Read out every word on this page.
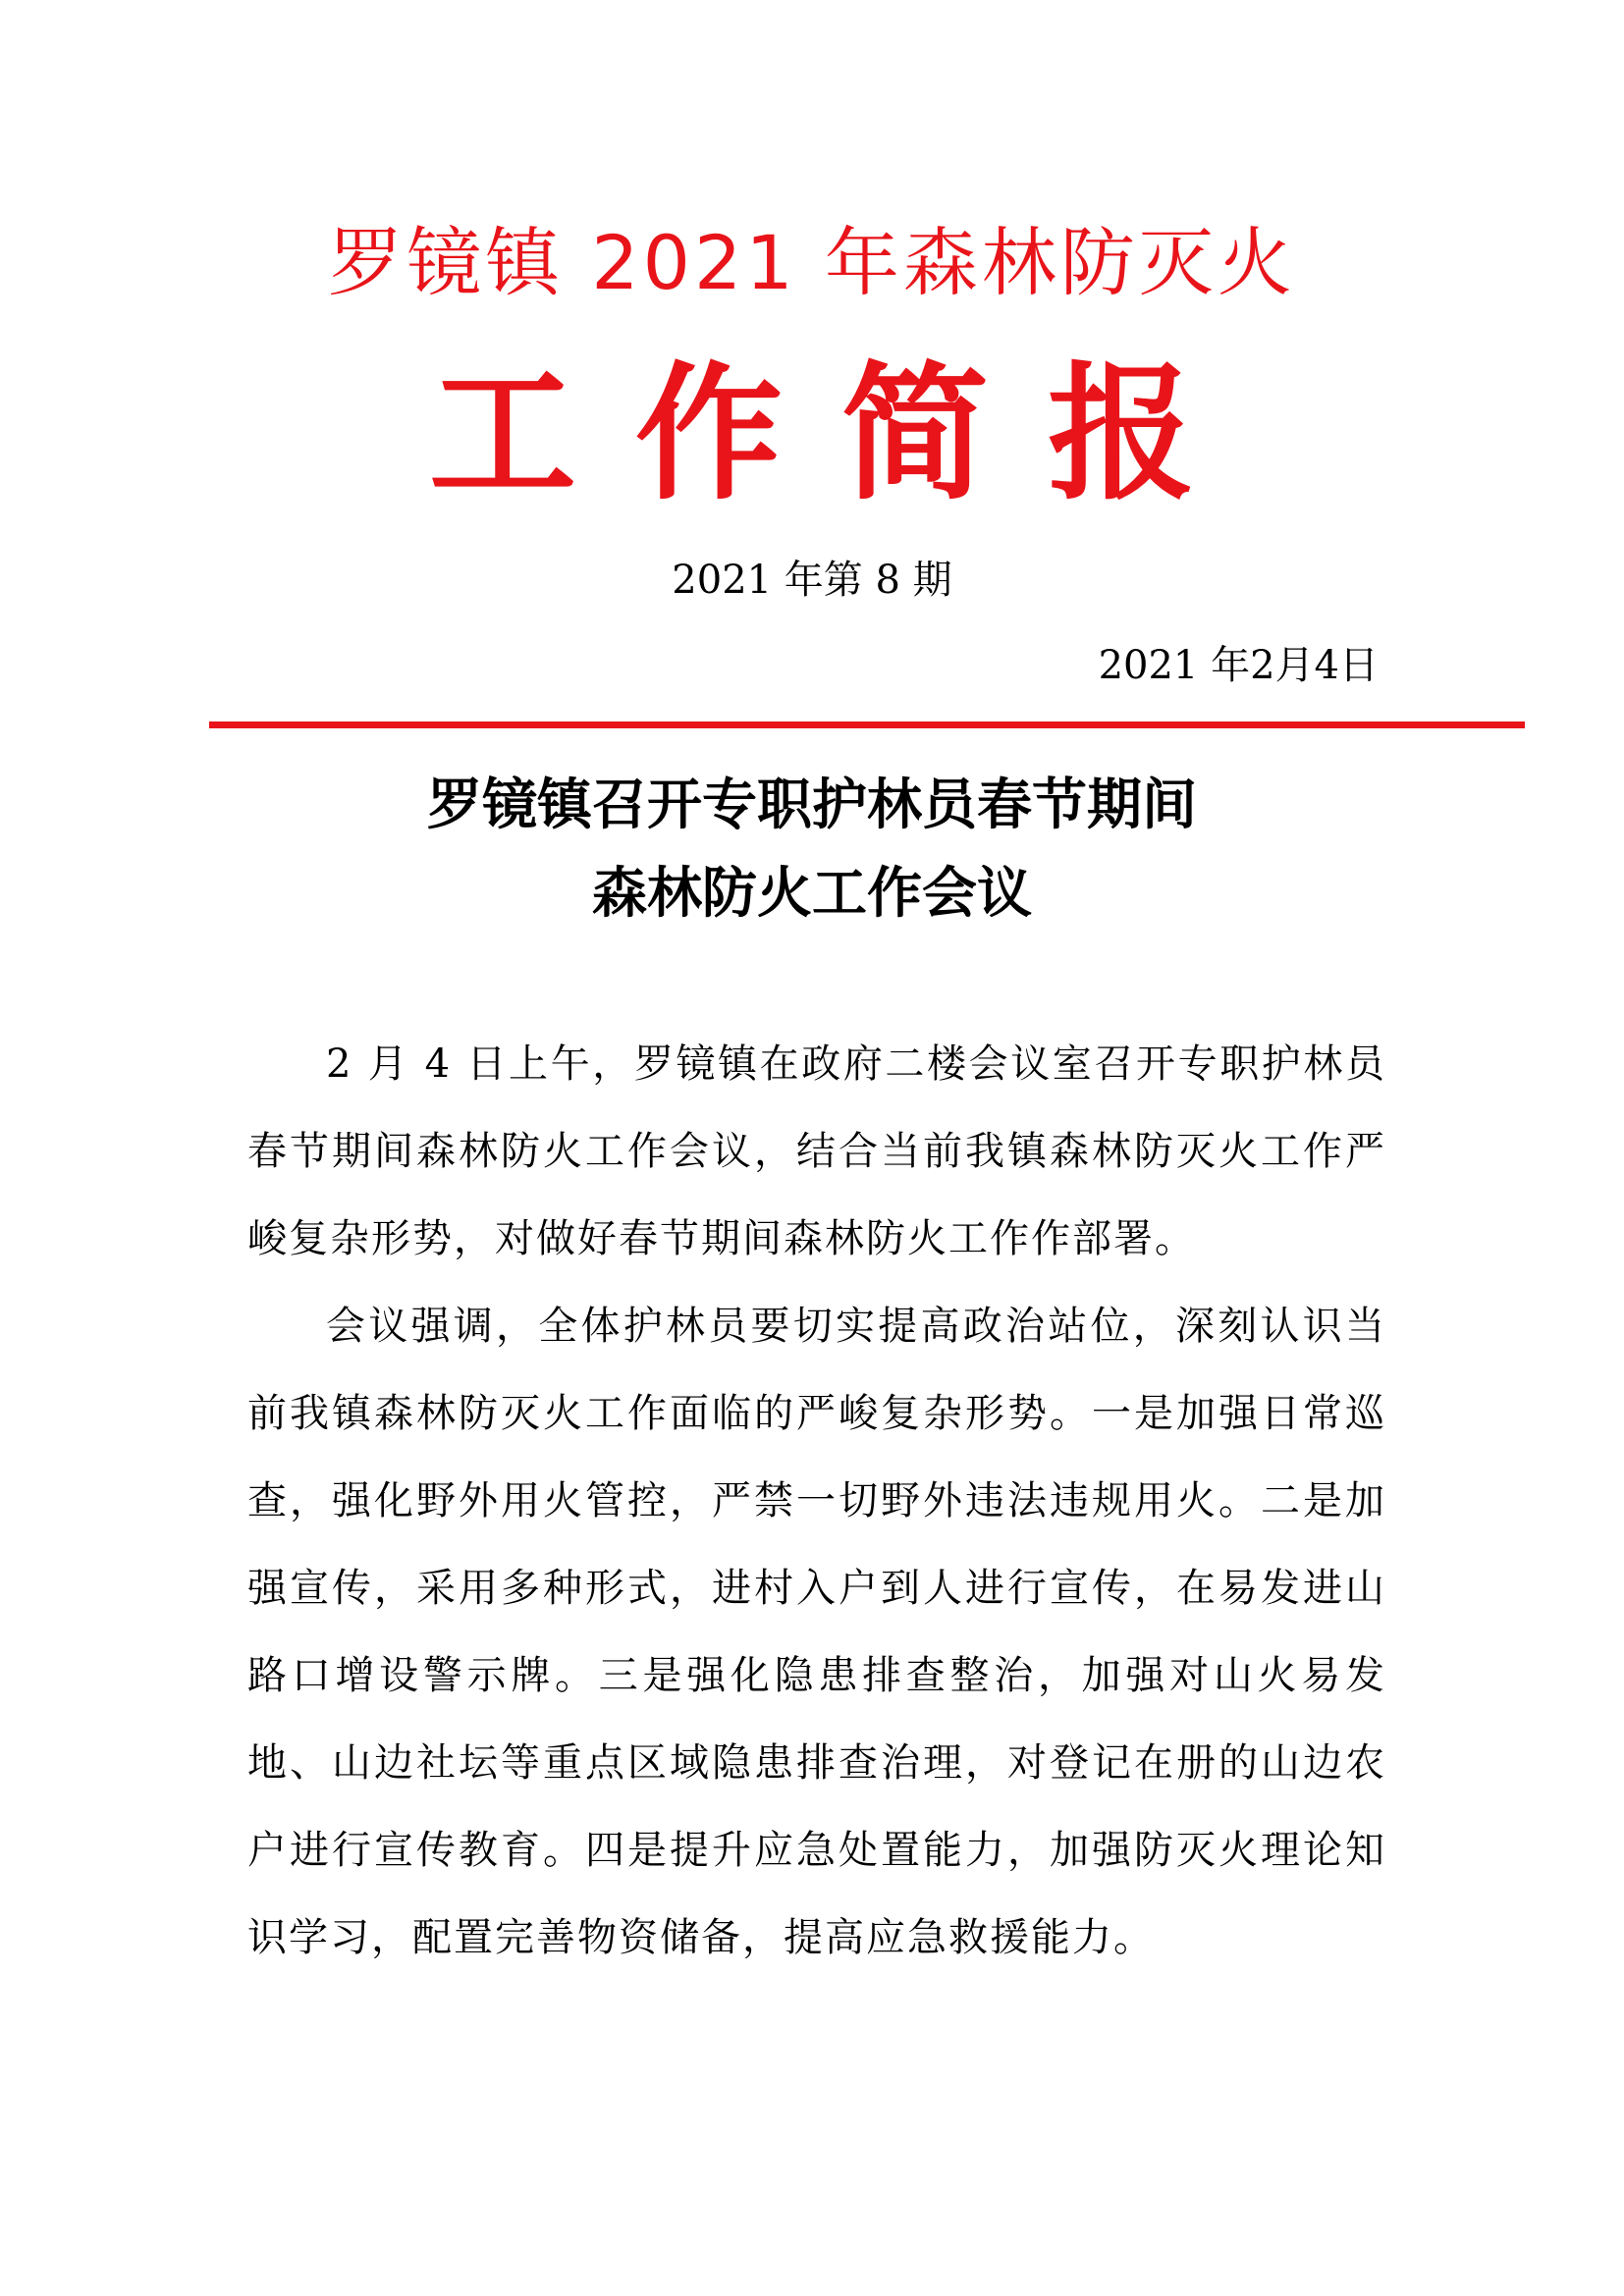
罗镜镇 2021 年森林防灭火
工作简报
2021 年第 8 期
2021 年2月4日
罗镜镇召开专职护林员春节期间
森林防火工作会议

2 月 4 日上午，罗镜镇在政府二楼会议室召开专职护林员春节期间森林防火工作会议，结合当前我镇森林防灭火工作严峻复杂形势，对做好春节期间森林防火工作作部署。

会议强调，全体护林员要切实提高政治站位，深刻认识当前我镇森林防灭火工作面临的严峻复杂形势。一是加强日常巡查，强化野外用火管控，严禁一切野外违法违规用火。二是加强宣传，采用多种形式，进村入户到人进行宣传，在易发进山路口增设警示牌。三是强化隐患排查整治，加强对山火易发地、山边社坛等重点区域隐患排查治理，对登记在册的山边农户进行宣传教育。四是提升应急处置能力，加强防灭火理论知识学习，配置完善物资储备，提高应急救援能力。
